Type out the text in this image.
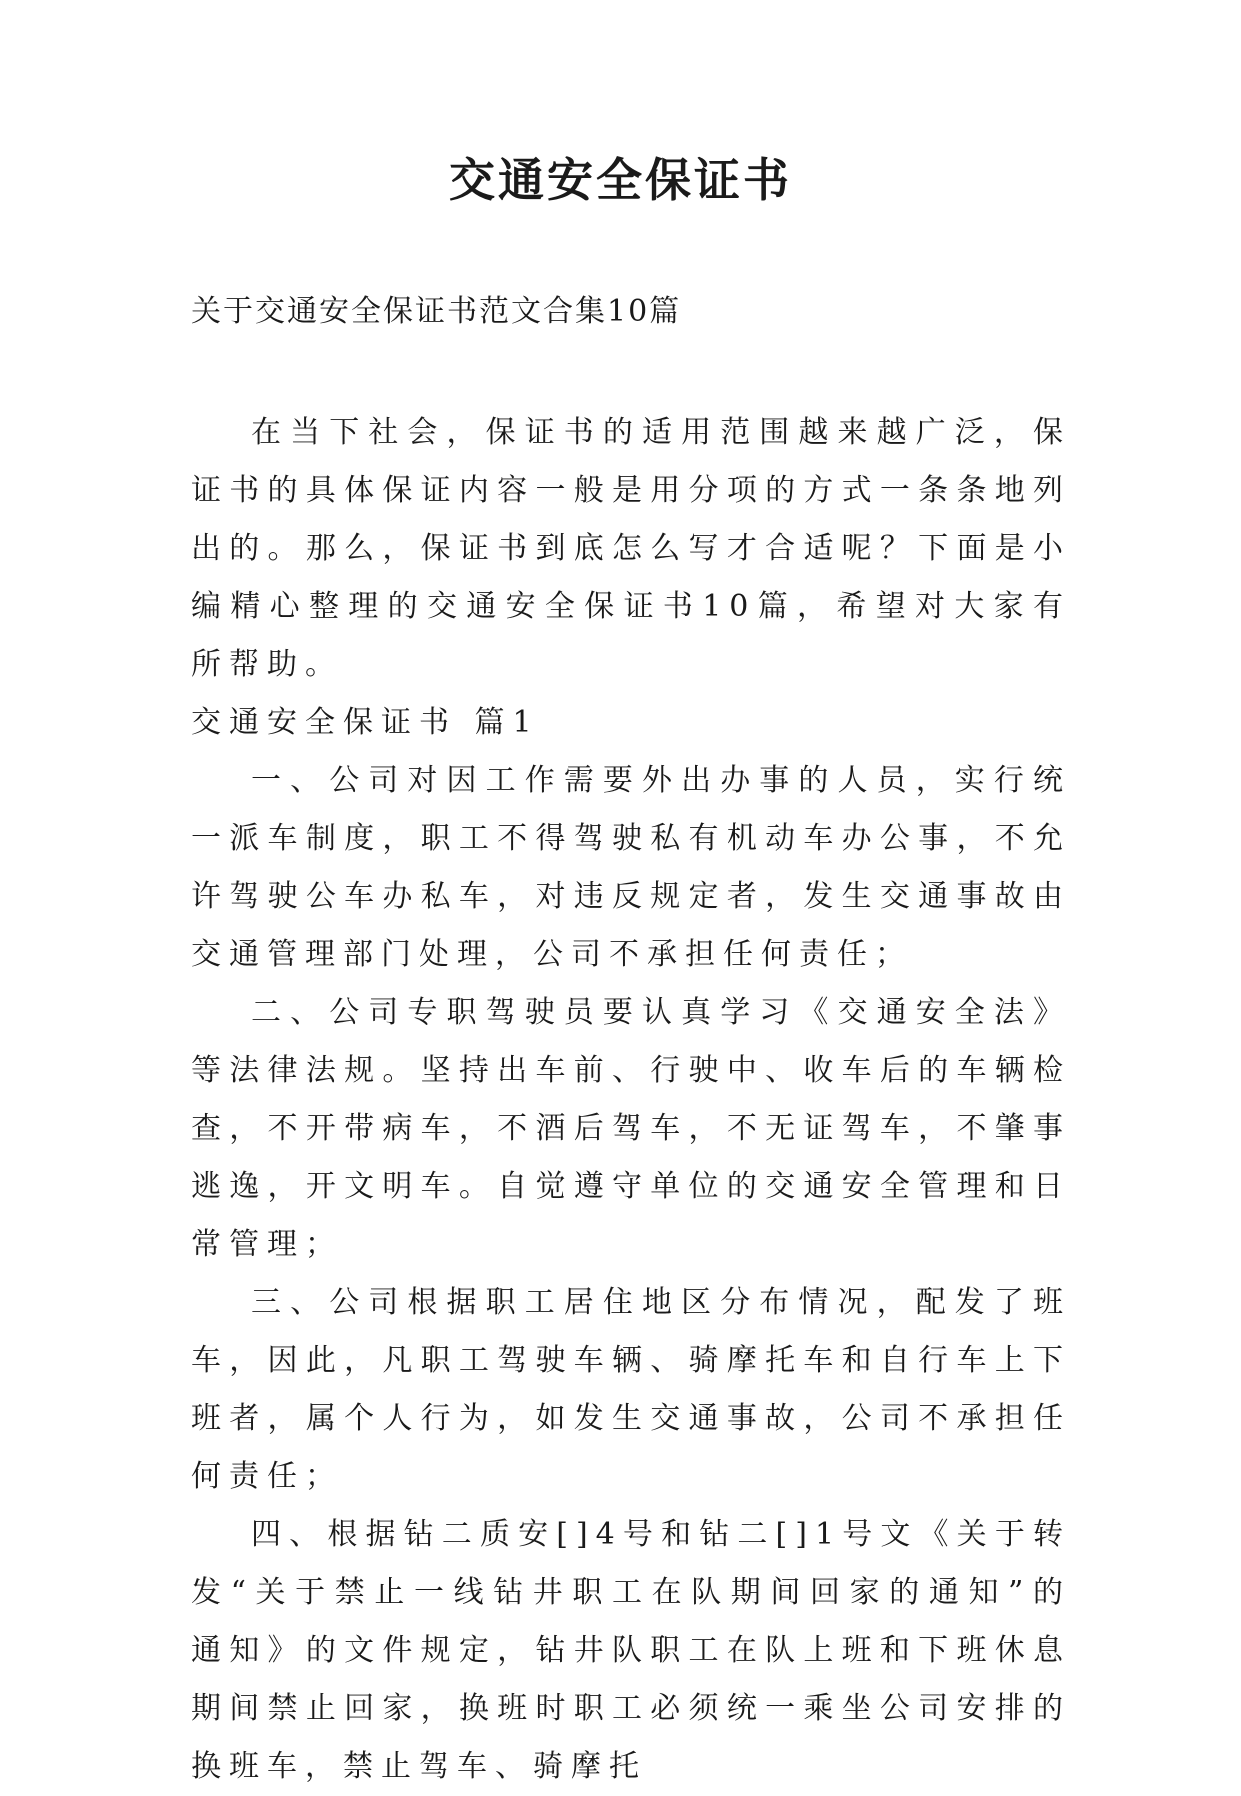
交通安全保证书
关于交通安全保证书范文合集10篇

在当下社会，保证书的适用范围越来越广泛，保证书的具体保证内容一般是用分项的方式一条条地列出的。那么，保证书到底怎么写才合适呢？下面是小编精心整理的交通安全保证书10篇，希望对大家有所帮助。

交通安全保证书 篇1

一、公司对因工作需要外出办事的人员，实行统一派车制度，职工不得驾驶私有机动车办公事，不允许驾驶公车办私车，对违反规定者，发生交通事故由交通管理部门处理，公司不承担任何责任；

二、公司专职驾驶员要认真学习《交通安全法》等法律法规。坚持出车前、行驶中、收车后的车辆检查，不开带病车，不酒后驾车，不无证驾车，不肇事逃逸，开文明车。自觉遵守单位的交通安全管理和日常管理；

三、公司根据职工居住地区分布情况，配发了班车，因此，凡职工驾驶车辆、骑摩托车和自行车上下班者，属个人行为，如发生交通事故，公司不承担任何责任；

四、根据钻二质安[]4号和钻二[]1号文《关于转发“关于禁止一线钻井职工在队期间回家的通知”的通知》的文件规定，钻井队职工在队上班和下班休息期间禁止回家，换班时职工必须统一乘坐公司安排的换班车，禁止驾车、骑摩托
